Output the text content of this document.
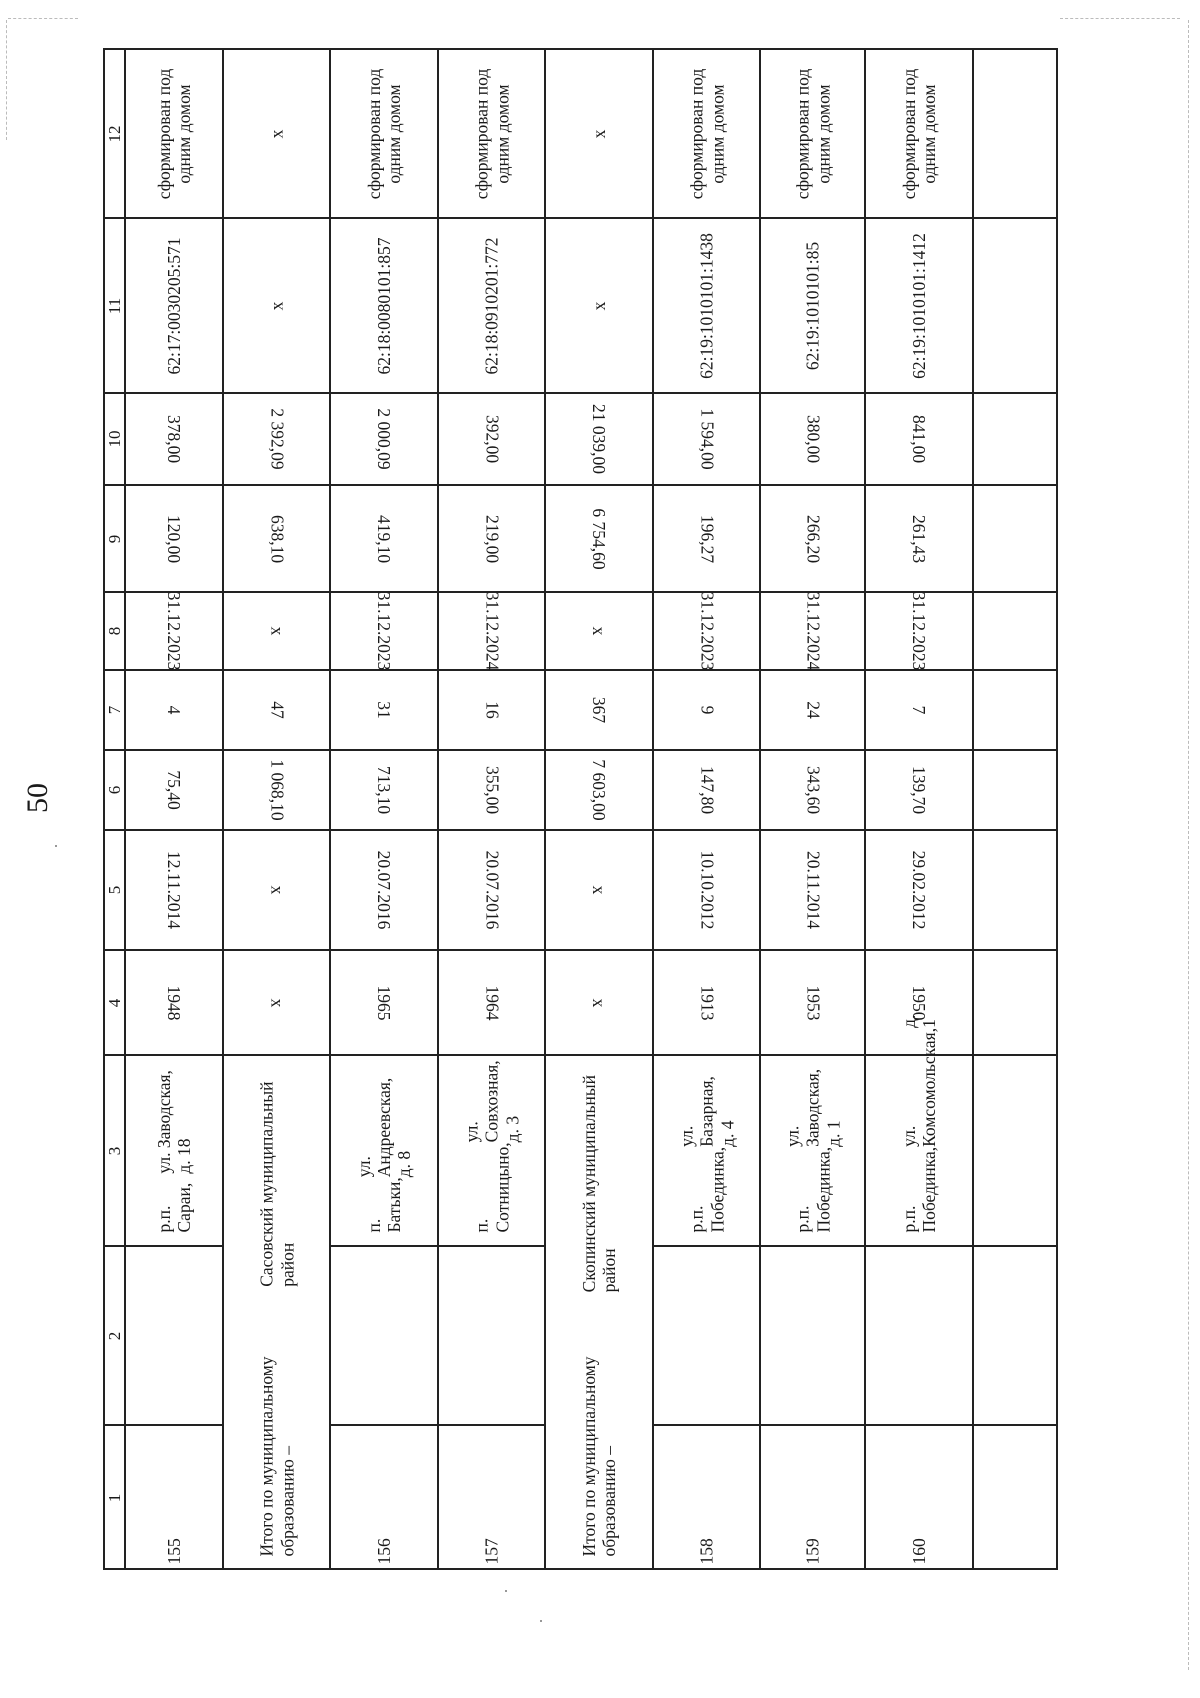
50
1
2
3
4
5
6
7
8
9
10
11
12 сформирован под одним домом
62:17:0030205:571
378,00
120,00
31.12.2023
4
75,40
12.11.2014
1948
р.п. Сараи,

ул. Заводская, д. 18
155
х
х
2 392,09
638,10
х
47
1 068,10
х
х
Итого по муниципальному образованию –

Сасовский муниципальный район
сформирован под одним домом
62:18:0080101:857
2 000,09
419,10
31.12.2023
31
713,10
20.07.2016
1965
п. Батьки,

ул. Андреевская, д. 8
156
сформирован под одним домом
62:18:0910201:772
392,00
219,00
31.12.2024
16
355,00
20.07.2016
1964
п. Сотницыно,

ул. Совхозная, д. 3
157
х
х
21 039,00
6 754,60
х
367
7 603,00
х
х
Итого по муниципальному образованию –

Скопинский муниципальный район
сформирован под одним домом
62:19:1010101:1438
1 594,00
196,27
31.12.2023
9
147,80
10.10.2012
1913
р.п. Побединка,

ул. Базарная, д. 4
158
сформирован под одним домом
62:19:1010101:85
380,00
266,20
31.12.2024
24
343,60
20.11.2014
1953
р.п. Побединка,

ул. Заводская, д. 1
159
сформирован под одним домом
62:19:1010101:1412
841,00
261,43
31.12.2023
7
139,70
29.02.2012
1950
р.п. Побединка,

ул. Комсомольская,

д. 1
160
